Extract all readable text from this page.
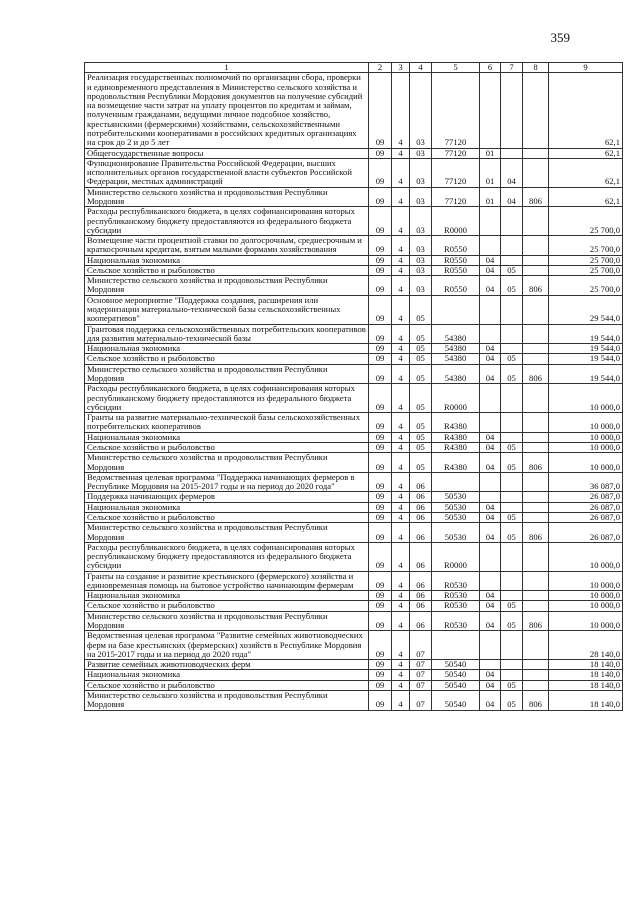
359
1	2	3	4	5	6	7	8	9
Реализация государственных полномочий по организации сбора, проверки и единовременного представления в Министерство сельского хозяйства и продовольствия Республики Мордовия документов на получение субсидий на возмещение части затрат на уплату процентов по кредитам и займам, полученным гражданами, ведущими личное подсобное хозяйство, крестьянскими (фермерскими) хозяйствами, сельскохозяйственными потребительскими кооперативами в российских кредитных организациях на срок до 2 и до 5 лет	09	4	03	77120				62,1
Общегосударственные вопросы	09	4	03	77120	01			62,1
Функционирование Правительства Российской Федерации, высших исполнительных органов государственной власти субъектов Российской Федерации, местных администраций	09	4	03	77120	01	04		62,1
Министерство сельского хозяйства и продовольствия Республики Мордовия	09	4	03	77120	01	04	806	62,1
Расходы республиканского бюджета, в целях софинансирования которых республиканскому бюджету предоставляются из федерального бюджета субсидии	09	4	03	R0000				25 700,0
Возмещение части процентной ставки по долгосрочным, среднесрочным и краткосрочным кредитам, взятым малыми формами хозяйствования	09	4	03	R0550				25 700,0
Национальная экономика	09	4	03	R0550	04			25 700,0
Сельское хозяйство и рыболовство	09	4	03	R0550	04	05		25 700,0
Министерство сельского хозяйства и продовольствия Республики Мордовия	09	4	03	R0550	04	05	806	25 700,0
Основное мероприятие "Поддержка создания, расширения или модернизации материально-технической базы сельскохозяйственных кооперативов"	09	4	05					29 544,0
Грантовая поддержка сельскохозяйственных потребительских кооперативов для развития материально-технической базы	09	4	05	54380				19 544,0
Национальная экономика	09	4	05	54380	04			19 544,0
Сельское хозяйство и рыболовство	09	4	05	54380	04	05		19 544,0
Министерство сельского хозяйства и продовольствия Республики Мордовия	09	4	05	54380	04	05	806	19 544,0
Расходы республиканского бюджета, в целях софинансирования которых республиканскому бюджету предоставляются из федерального бюджета субсидии	09	4	05	R0000				10 000,0
Гранты на развитие материально-технической базы сельскохозяйственных потребительских кооперативов	09	4	05	R4380				10 000,0
Национальная экономика	09	4	05	R4380	04			10 000,0
Сельское хозяйство и рыболовство	09	4	05	R4380	04	05		10 000,0
Министерство сельского хозяйства и продовольствия Республики Мордовия	09	4	05	R4380	04	05	806	10 000,0
Ведомственная целевая программа "Поддержка начинающих фермеров в Республике Мордовия на 2015-2017 годы и на период до 2020 года"	09	4	06					36 087,0
Поддержка начинающих фермеров	09	4	06	50530				26 087,0
Национальная экономика	09	4	06	50530	04			26 087,0
Сельское хозяйство и рыболовство	09	4	06	50530	04	05		26 087,0
Министерство сельского хозяйства и продовольствия Республики Мордовия	09	4	06	50530	04	05	806	26 087,0
Расходы республиканского бюджета, в целях софинансирования которых республиканскому бюджету предоставляются из федерального бюджета субсидии	09	4	06	R0000				10 000,0
Гранты на создание и развитие крестьянского (фермерского) хозяйства и единовременная помощь на бытовое устройство начинающим фермерам	09	4	06	R0530				10 000,0
Национальная экономика	09	4	06	R0530	04			10 000,0
Сельское хозяйство и рыболовство	09	4	06	R0530	04	05		10 000,0
Министерство сельского хозяйства и продовольствия Республики Мордовия	09	4	06	R0530	04	05	806	10 000,0
Ведомственная целевая программа "Развитие семейных животноводческих ферм на базе крестьянских (фермерских) хозяйств в Республике Мордовия на 2015-2017 годы и на период до 2020 года"	09	4	07					28 140,0
Развитие семейных животноводческих ферм	09	4	07	50540				18 140,0
Национальная экономика	09	4	07	50540	04			18 140,0
Сельское хозяйство и рыболовство	09	4	07	50540	04	05		18 140,0
Министерство сельского хозяйства и продовольствия Республики Мордовия	09	4	07	50540	04	05	806	18 140,0
